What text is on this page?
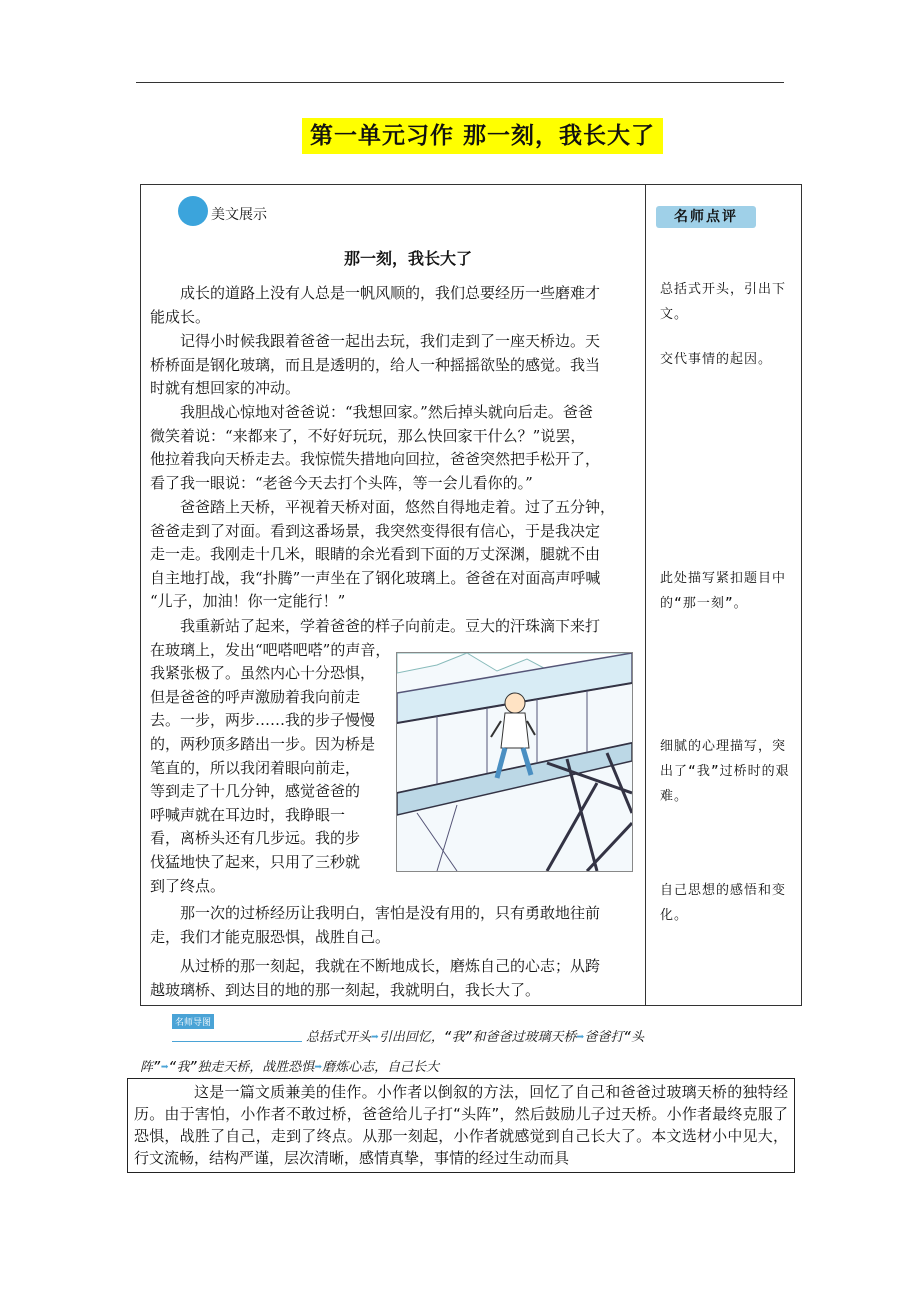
第一单元习作 那一刻，我长大了
美文展示
那一刻，我长大了
　　成长的道路上没有人总是一帆风顺的，我们总要经历一些磨难才
能成长。
　　记得小时候我跟着爸爸一起出去玩，我们走到了一座天桥边。天
桥桥面是钢化玻璃，而且是透明的，给人一种摇摇欲坠的感觉。我当
时就有想回家的冲动。
　　我胆战心惊地对爸爸说：“我想回家。”然后掉头就向后走。爸爸
微笑着说：“来都来了，不好好玩玩，那么快回家干什么？”说罢，
他拉着我向天桥走去。我惊慌失措地向回拉，爸爸突然把手松开了，
看了我一眼说：“老爸今天去打个头阵，等一会儿看你的。”
　　爸爸踏上天桥，平视着天桥对面，悠然自得地走着。过了五分钟，
爸爸走到了对面。看到这番场景，我突然变得很有信心，于是我决定
走一走。我刚走十几米，眼睛的余光看到下面的万丈深渊，腿就不由
自主地打战，我“扑腾”一声坐在了钢化玻璃上。爸爸在对面高声呼喊
“儿子，加油！你一定能行！”
　　我重新站了起来，学着爸爸的样子向前走。豆大的汗珠滴下来打
在玻璃上，发出“吧嗒吧嗒”的声音，
我紧张极了。虽然内心十分恐惧，
但是爸爸的呼声激励着我向前走
去。一步，两步……我的步子慢慢
的，两秒顶多踏出一步。因为桥是
笔直的，所以我闭着眼向前走，
等到走了十几分钟，感觉爸爸的
呼喊声就在耳边时，我睁眼一
看，离桥头还有几步远。我的步
伐猛地快了起来，只用了三秒就
到了终点。
　　那一次的过桥经历让我明白，害怕是没有用的，只有勇敢地往前
走，我们才能克服恐惧，战胜自己。
　　从过桥的那一刻起，我就在不断地成长，磨炼自己的心志；从跨
越玻璃桥、到达目的地的那一刻起，我就明白，我长大了。
名师点评
总括式开头，引出下文。
交代事情的起因。
此处描写紧扣题目中的“那一刻”。
细腻的心理描写，突出了“我”过桥时的艰难。
自己思想的感悟和变化。
名师导图
总括式开头➡引出回忆，“我”和爸爸过玻璃天桥➡爸爸打“头
阵”➡“我”独走天桥，战胜恐惧➡磨炼心志，自己长大

这是一篇文质兼美的佳作。小作者以倒叙的方法，回忆了自己和爸爸过玻璃天桥的独特经历。由于害怕，小作者不敢过桥，爸爸给儿子打“头阵”，然后鼓励儿子过天桥。小作者最终克服了恐惧，战胜了自己，走到了终点。从那一刻起，小作者就感觉到自己长大了。本文选材小中见大，行文流畅，结构严谨，层次清晰，感情真挚，事情的经过生动而具
